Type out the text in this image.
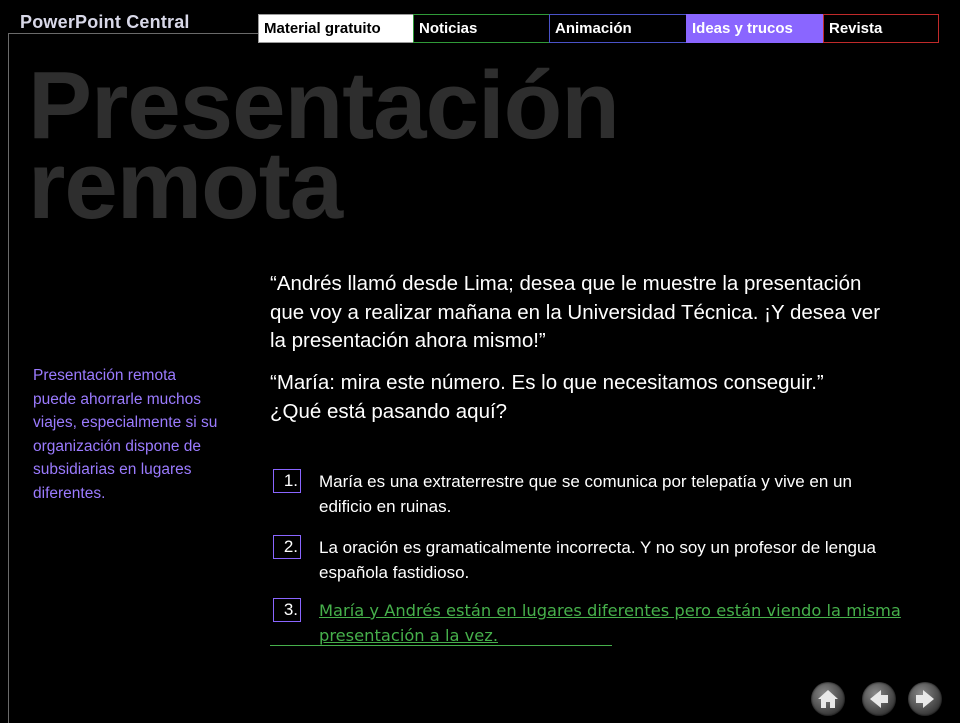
PowerPoint Central	Material gratuito	Noticias	Animación	Ideas y trucos	Revista
Presentación
remota
Presentación remota puede ahorrarle muchos viajes, especialmente si su organización dispone de subsidiarias en lugares diferentes.
“Andrés llamó desde Lima; desea que le muestre la presentación que voy a realizar mañana en la Universidad Técnica. ¡Y desea ver la presentación ahora mismo!”
“María: mira este número. Es lo que necesitamos conseguir.”
¿Qué está pasando aquí?
1. María es una extraterrestre que se comunica por telepatía y vive en un edificio en ruinas.
2. La oración es gramaticalmente incorrecta. Y no soy un profesor de lengua española fastidioso.
3. María y Andrés están en lugares diferentes pero están viendo la misma presentación a la vez.
